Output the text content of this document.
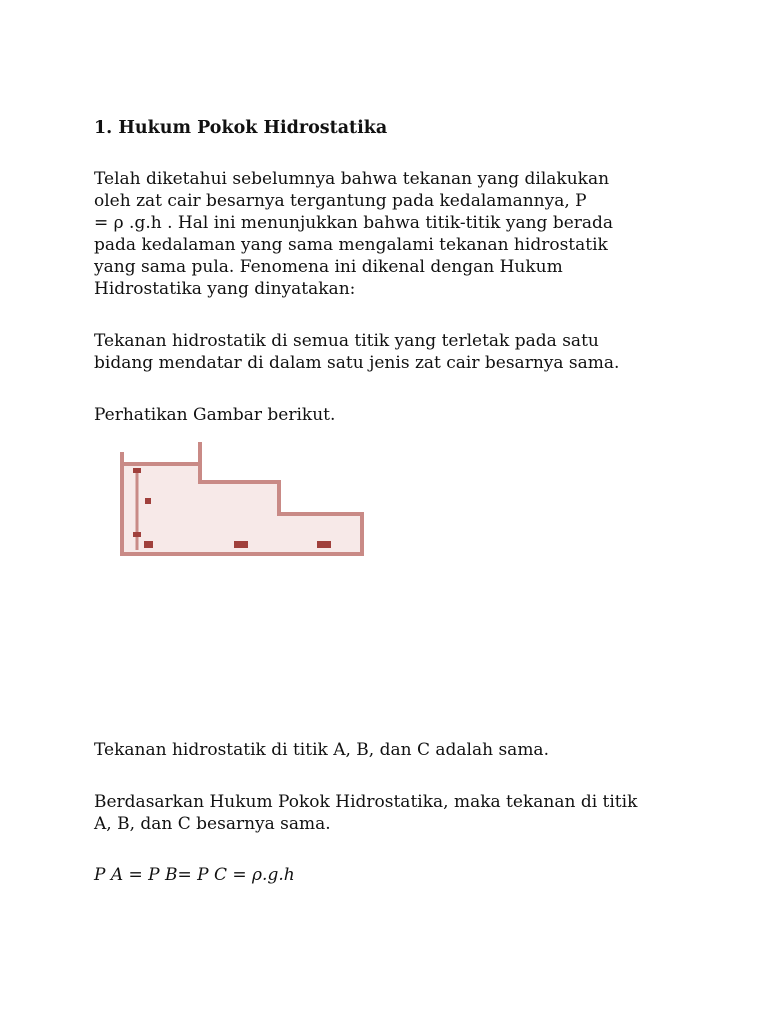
1. Hukum Pokok Hidrostatika

Telah diketahui sebelumnya bahwa tekanan yang dilakukan
oleh zat cair besarnya tergantung pada kedalamannya, P
= ρ .g.h . Hal ini menunjukkan bahwa titik-titik yang berada
pada kedalaman yang sama mengalami tekanan hidrostatik
yang sama pula. Fenomena ini dikenal dengan Hukum
Hidrostatika yang dinyatakan:

Tekanan hidrostatik di semua titik yang terletak pada satu
bidang mendatar di dalam satu jenis zat cair besarnya sama.

Perhatikan Gambar berikut.

Tekanan hidrostatik di titik A, B, dan C adalah sama.

Berdasarkan Hukum Pokok Hidrostatika, maka tekanan di titik
A, B, dan C besarnya sama.

P A = P B= P C = ρ.g.h
